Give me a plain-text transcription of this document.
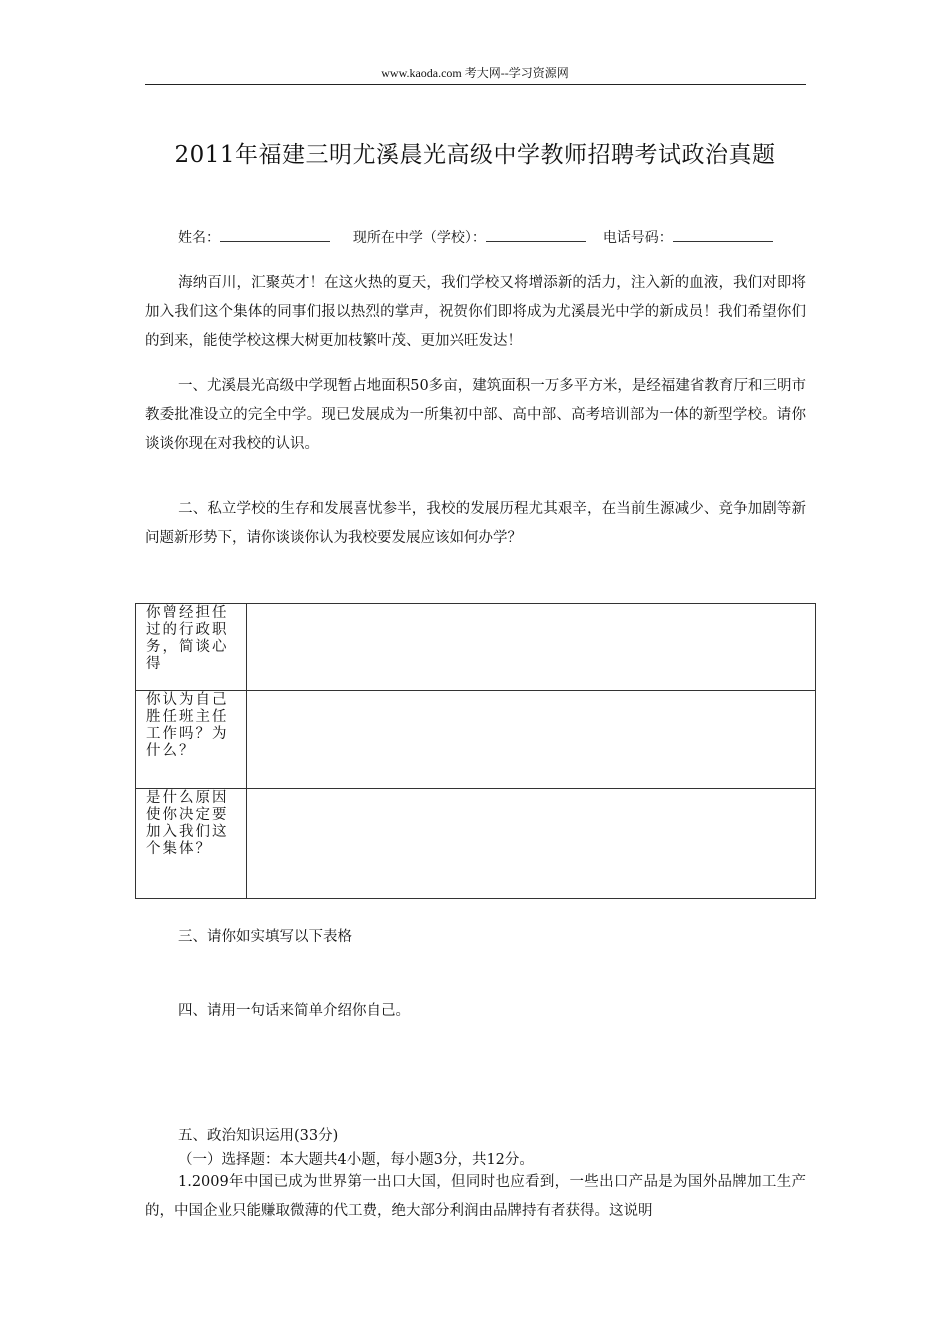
www.kaoda.com 考大网--学习资源网
2011年福建三明尤溪晨光高级中学教师招聘考试政治真题
姓名：	现所在中学（学校）：	电话号码：
海纳百川，汇聚英才！在这火热的夏天，我们学校又将增添新的活力，注入新的血液，我们对即将加入我们这个集体的同事们报以热烈的掌声，祝贺你们即将成为尤溪晨光中学的新成员！我们希望你们的到来，能使学校这棵大树更加枝繁叶茂、更加兴旺发达！
一、尤溪晨光高级中学现暂占地面积50多亩，建筑面积一万多平方米，是经福建省教育厅和三明市教委批准设立的完全中学。现已发展成为一所集初中部、高中部、高考培训部为一体的新型学校。请你谈谈你现在对我校的认识。
二、私立学校的生存和发展喜忧参半，我校的发展历程尤其艰辛，在当前生源减少、竞争加剧等新问题新形势下，请你谈谈你认为我校要发展应该如何办学？
你曾经担任过的行政职务，简谈心得	
你认为自己胜任班主任工作吗？为什么？	
是什么原因使你决定要加入我们这个集体？	
三、请你如实填写以下表格
四、请用一句话来简单介绍你自己。
五、政治知识运用(33分)
（一）选择题：本大题共4小题，每小题3分，共12分。
1.2009年中国已成为世界第一出口大国，但同时也应看到，一些出口产品是为国外品牌加工生产的，中国企业只能赚取微薄的代工费，绝大部分利润由品牌持有者获得。这说明
